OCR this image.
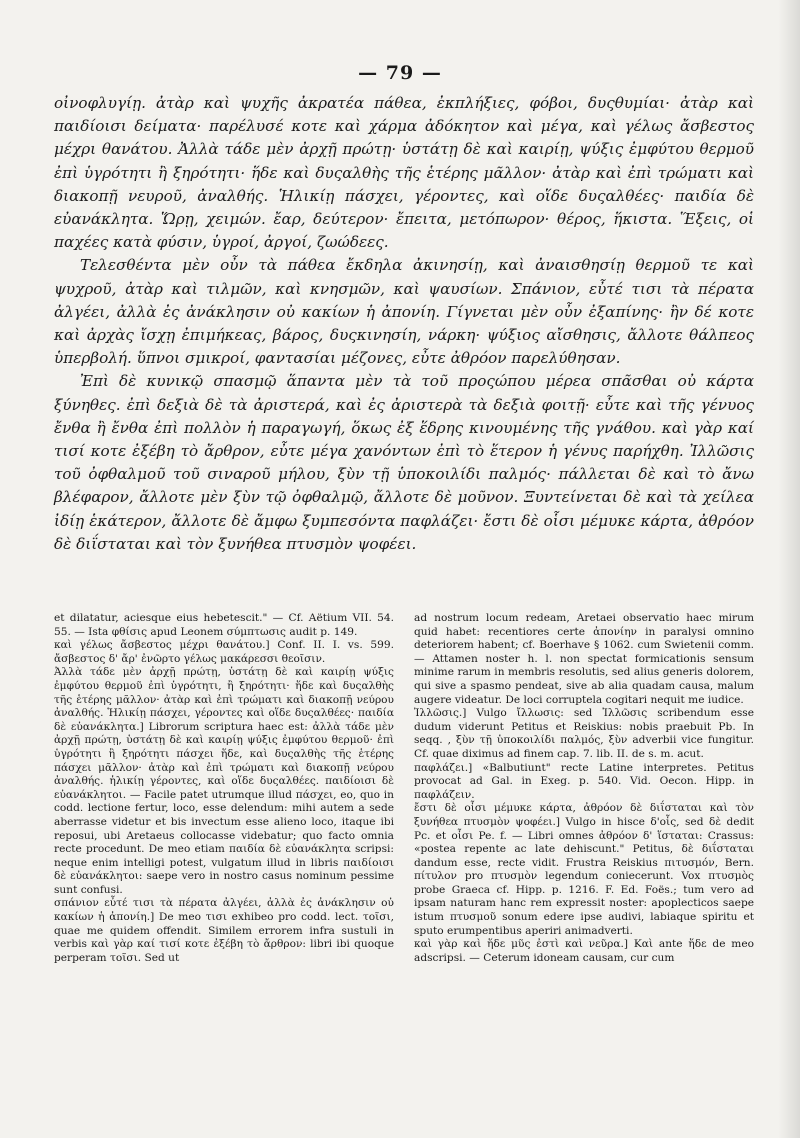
— 79 —

οἰνοφλυγίῃ. ἀτὰρ καὶ ψυχῆς ἀκρατέα πάθεα, ἐκπλήξιες, φόβοι, δυςθυμίαι· ἀτὰρ καὶ παιδίοισι δείματα· παρέλυσέ κοτε καὶ χάρμα ἀδόκητον καὶ μέγα, καὶ γέλως ἄσβεστος μέχρι θανάτου. Ἀλλὰ τάδε μὲν ἀρχῇ πρώτῃ· ὑστάτῃ δὲ καὶ καιρίῃ, ψύξις ἐμφύτου θερμοῦ ἐπὶ ὑγρότητι ἢ ξηρότητι· ἥδε καὶ δυςαλθὴς τῆς ἑτέρης μᾶλλον· ἀτὰρ καὶ ἐπὶ τρώματι καὶ διακοπῇ νευροῦ, ἀναλθής. Ἡλικίῃ πάσχει, γέροντες, καὶ οἵδε δυςαλθέες· παιδία δὲ εὐανάκλητα. Ὥρῃ, χειμών. ἔαρ, δεύτερον· ἔπειτα, μετόπωρον· θέρος, ἥκιστα. Ἕξεις, οἱ παχέες κατὰ φύσιν, ὑγροί, ἀργοί, ζωώδεες.

Τελεσθέντα μὲν οὖν τὰ πάθεα ἔκδηλα ἀκινησίῃ, καὶ ἀναισθησίῃ θερμοῦ τε καὶ ψυχροῦ, ἀτὰρ καὶ τιλμῶν, καὶ κνησμῶν, καὶ ψαυσίων. Σπάνιον, εὖτέ τισι τὰ πέρατα ἀλγέει, ἀλλὰ ἐς ἀνάκλησιν οὐ κακίων ἡ ἀπονίη. Γίγνεται μὲν οὖν ἐξαπίνης· ἢν δέ κοτε καὶ ἀρχὰς ἴσχῃ ἐπιμήκεας, βάρος, δυςκινησίη, νάρκη· ψύξιος αἴσθησις, ἄλλοτε θάλπεος ὑπερβολή. ὕπνοι σμικροί, φαντασίαι μέζονες, εὖτε ἀθρόον παρελύθησαν.

Ἐπὶ δὲ κυνικῷ σπασμῷ ἅπαντα μὲν τὰ τοῦ προςώπου μέρεα σπᾶσθαι οὐ κάρτα ξύνηθες. ἐπὶ δεξιὰ δὲ τὰ ἀριστερά, καὶ ἐς ἀριστερὰ τὰ δεξιὰ φοιτῇ· εὖτε καὶ τῆς γένυος ἔνθα ἢ ἔνθα ἐπὶ πολλὸν ἡ παραγωγή, ὅκως ἐξ ἕδρης κινουμένης τῆς γνάθου. καὶ γὰρ καί τισί κοτε ἐξέβη τὸ ἄρθρον, εὖτε μέγα χανόντων ἐπὶ τὸ ἕτερον ἡ γένυς παρήχθη. Ἰλλῶσις τοῦ ὀφθαλμοῦ τοῦ σιναροῦ μήλου, ξὺν τῇ ὑποκοιλίδι παλμός· πάλλεται δὲ καὶ τὸ ἄνω βλέφαρον, ἄλλοτε μὲν ξὺν τῷ ὀφθαλμῷ, ἄλλοτε δὲ μοῦνον. Ξυντείνεται δὲ καὶ τὰ χείλεα ἰδίῃ ἑκάτερον, ἄλλοτε δὲ ἄμφω ξυμπεσόντα παφλάζει· ἔστι δὲ οἷσι μέμυκε κάρτα, ἀθρόον δὲ διΐσταται καὶ τὸν ξυνήθεα πτυσμὸν ψοφέει.

et dilatatur, aciesque eius hebetescit." — Cf. Aëtium VII. 54. 55. — Ista φθίσις apud Leonem σύμπτωσις audit p. 149.

καὶ γέλως ἄσβεστος μέχρι θανάτου.] Conf. II. I. vs. 599. ἄσβεστος δ' ἄρ' ἐνῶρτο γέλως μακάρεσσι θεοῖσιν.

Ἀλλὰ τάδε μὲν ἀρχῇ πρώτῃ, ὑστάτῃ δὲ καὶ καιρίῃ ψύξις ἐμφύτου θερμοῦ ἐπὶ ὑγρότητι, ἢ ξηρότητι· ἥδε καὶ δυςαλθὴς τῆς ἑτέρης μᾶλλον· ἀτὰρ καὶ ἐπὶ τρώματι καὶ διακοπῇ νεύρου ἀναλθής. Ἡλικίῃ πάσχει, γέροντες καὶ οἵδε δυςαλθέες· παιδία δὲ εὐανάκλητα.] Librorum scriptura haec est: ἀλλὰ τάδε μὲν ἀρχῇ πρώτῃ, ὑστάτῃ δὲ καὶ καιρίῃ ψύξις ἐμφύτου θερμοῦ· ἐπὶ ὑγρότητι ἢ ξηρότητι πάσχει ἥδε, καὶ δυςαλθὴς τῆς ἑτέρης πάσχει μᾶλλον· ἀτὰρ καὶ ἐπὶ τρώματι καὶ διακοπῇ νεύρου ἀναλθής. ἡλικίῃ γέροντες, καὶ οἵδε δυςαλθέες. παιδίοισι δὲ εὐανάκλητοι. — Facile patet utrumque illud πάσχει, eo, quo in codd. lectione fertur, loco, esse delendum: mihi autem a sede aberrasse videtur et bis invectum esse alieno loco, itaque ibi reposui, ubi Aretaeus collocasse videbatur; quo facto omnia recte procedunt. De meo etiam παιδία δὲ εὐανάκλητα scripsi: neque enim intelligi potest, vulgatum illud in libris παιδίοισι δὲ εὐανάκλητοι: saepe vero in nostro casus nominum pessime sunt confusi.

σπάνιον εὖτέ τισι τὰ πέρατα ἀλγέει, ἀλλὰ ἐς ἀνάκλησιν οὐ κακίων ἡ ἀπονίη.] De meo τισι exhibeo pro codd. lect. τοῖσι, quae me quidem offendit. Similem errorem infra sustuli in verbis καὶ γὰρ καί τισί κοτε ἐξέβη τὸ ἄρθρον: libri ibi quoque perperam τοῖσι. Sed ut

ad nostrum locum redeam, Aretaei observatio haec mirum quid habet: recentiores certe ἀπονίην in paralysi omnino deteriorem habent; cf. Boerhave § 1062. cum Swietenii comm. — Attamen noster h. l. non spectat formicationis sensum minime rarum in membris resolutis, sed alius generis dolorem, qui sive a spasmo pendeat, sive ab alia quadam causa, malum augere videatur. De loci corruptela cogitari nequit me iudice.

Ἰλλῶσις.] Vulgo ἴλλωσις: sed Ἰλλῶσις scribendum esse dudum viderunt Petitus et Reiskius: nobis praebuit Pb. In seqq. , ξὺν τῇ ὑποκοιλίδι παλμός, ξὺν adverbii vice fungitur. Cf. quae diximus ad finem cap. 7. lib. II. de s. m. acut.

παφλάζει.] «Balbutiunt" recte Latine interpretes. Petitus provocat ad Gal. in Exeg. p. 540. Vid. Oecon. Hipp. in παφλάζειν.

ἔστι δὲ οἷσι μέμυκε κάρτα, ἀθρόον δὲ διΐσταται καὶ τὸν ξυνήθεα πτυσμὸν ψοφέει.] Vulgo in hisce δ'οἷς, sed δὲ dedit Pc. et οἷσι Pe. f. — Libri omnes ἀθρόον δ' ἵσταται: Crassus: «postea repente ac late dehiscunt." Petitus, δὲ διΐσταται dandum esse, recte vidit. Frustra Reiskius πιτυσμόν, Bern. πίτυλον pro πτυσμὸν legendum coniecerunt. Vox πτυσμὸς probe Graeca cf. Hipp. p. 1216. F. Ed. Foës.; tum vero ad ipsam naturam hanc rem expressit noster: apoplecticos saepe istum πτυσμοῦ sonum edere ipse audivi, labiaque spiritu et sputo erumpentibus aperiri animadverti.

καὶ γὰρ καὶ ἥδε μῦς ἐστὶ καὶ νεῦρα.] Καὶ ante ἥδε de meo adscripsi. — Ceterum idoneam causam, cur cum
